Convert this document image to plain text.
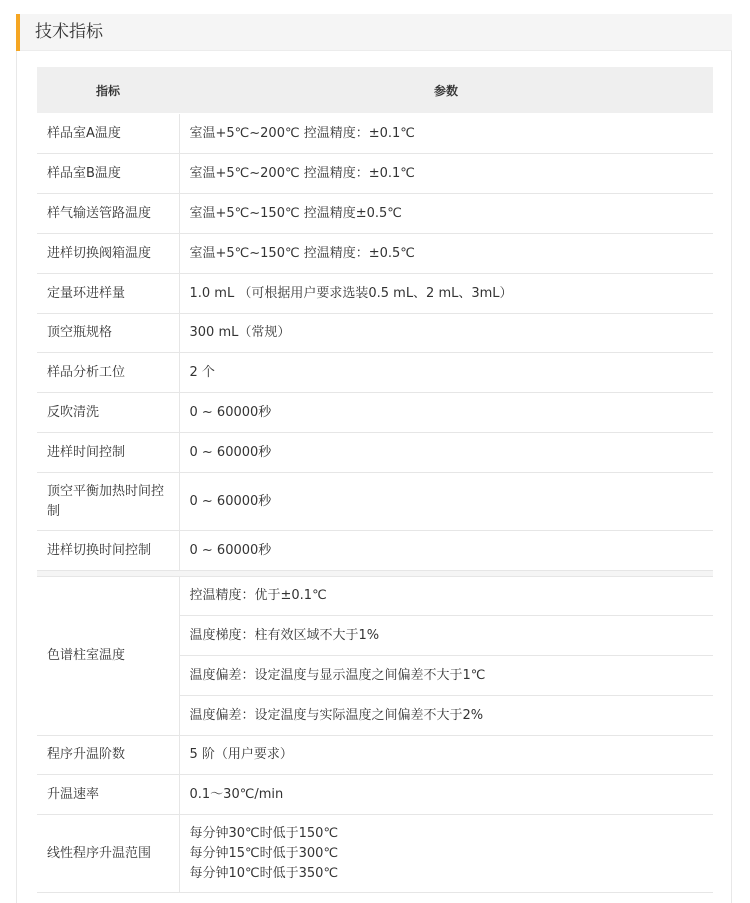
技术指标
指标	参数
样品室A温度	室温+5℃~200℃ 控温精度：±0.1℃
样品室B温度	室温+5℃~200℃ 控温精度：±0.1℃
样气输送管路温度	室温+5℃~150℃ 控温精度±0.5℃
进样切换阀箱温度	室温+5℃~150℃ 控温精度：±0.5℃
定量环进样量	1.0 mL （可根据用户要求选装0.5 mL、2 mL、3mL）
顶空瓶规格	300 mL（常规）
样品分析工位	2 个
反吹清洗	0 ~ 60000秒
进样时间控制	0 ~ 60000秒
顶空平衡加热时间控制	0 ~ 60000秒
进样切换时间控制	0 ~ 60000秒

色谱柱室温度	控温精度：优于±0.1℃
	温度梯度：柱有效区域不大于1%
	温度偏差：设定温度与显示温度之间偏差不大于1℃
	温度偏差：设定温度与实际温度之间偏差不大于2%
程序升温阶数	5 阶（用户要求）
升温速率	0.1～30℃/min
线性程序升温范围	每分钟30℃时低于150℃
每分钟15℃时低于300℃
每分钟10℃时低于350℃
